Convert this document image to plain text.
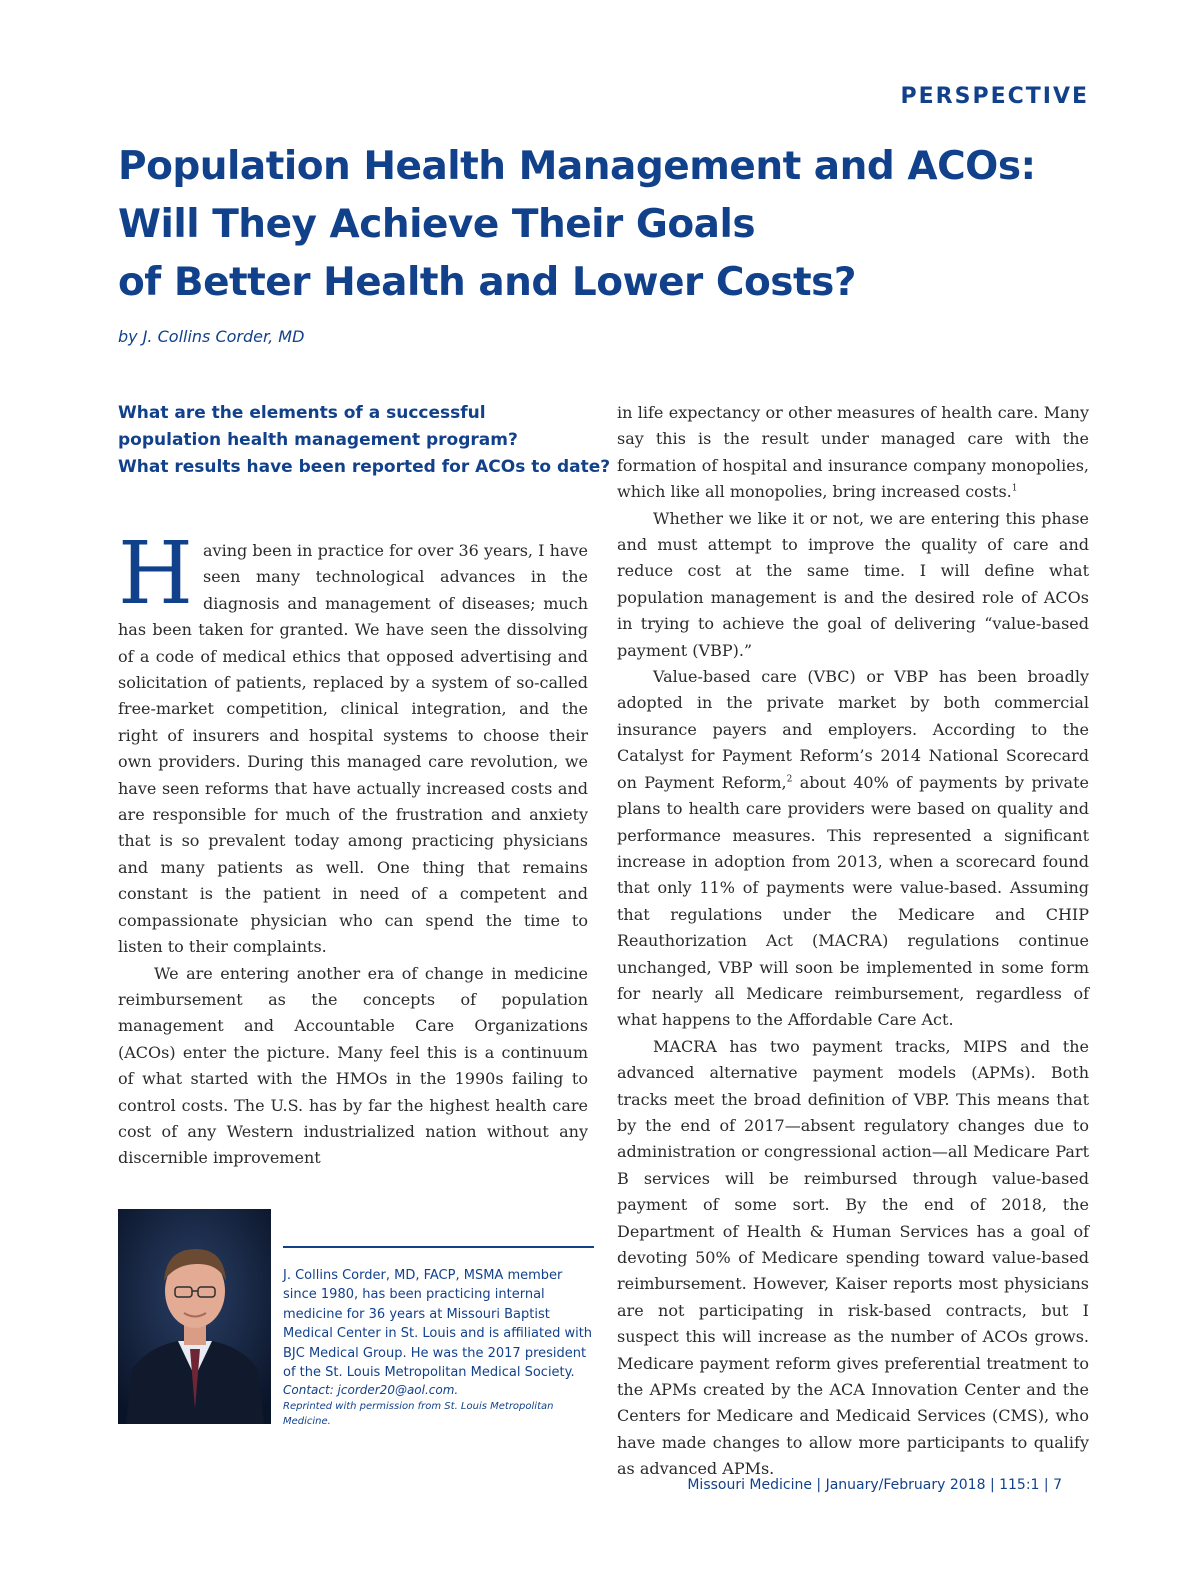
PERSPECTIVE
Population Health Management and ACOs:
Will They Achieve Their Goals
of Better Health and Lower Costs?
by J. Collins Corder, MD
What are the elements of a successful
population health management program?
What results have been reported for ACOs to date?

Having been in practice for over 36 years, I have seen many technological advances in the diagnosis and management of diseases; much has been taken for granted. We have seen the dissolving of a code of medical ethics that opposed advertising and solicitation of patients, replaced by a system of so-called free-market competition, clinical integration, and the right of insurers and hospital systems to choose their own providers. During this managed care revolution, we have seen reforms that have actually increased costs and are responsible for much of the frustration and anxiety that is so prevalent today among practicing physicians and many patients as well. One thing that remains constant is the patient in need of a competent and compassionate physician who can spend the time to listen to their complaints.

We are entering another era of change in medicine reimbursement as the concepts of population management and Accountable Care Organizations (ACOs) enter the picture. Many feel this is a continuum of what started with the HMOs in the 1990s failing to control costs. The U.S. has by far the highest health care cost of any Western industrialized nation without any discernible improvement

in life expectancy or other measures of health care. Many say this is the result under managed care with the formation of hospital and insurance company monopolies, which like all monopolies, bring increased costs.$^1$

Whether we like it or not, we are entering this phase and must attempt to improve the quality of care and reduce cost at the same time. I will define what population management is and the desired role of ACOs in trying to achieve the goal of delivering “value-based payment (VBP).”

Value-based care (VBC) or VBP has been broadly adopted in the private market by both commercial insurance payers and employers. According to the Catalyst for Payment Reform’s 2014 National Scorecard on Payment Reform,$^2$ about 40% of payments by private plans to health care providers were based on quality and performance measures. This represented a significant increase in adoption from 2013, when a scorecard found that only 11% of payments were value-based. Assuming that regulations under the Medicare and CHIP Reauthorization Act (MACRA) regulations continue unchanged, VBP will soon be implemented in some form for nearly all Medicare reimbursement, regardless of what happens to the Affordable Care Act.

MACRA has two payment tracks, MIPS and the advanced alternative payment models (APMs). Both tracks meet the broad definition of VBP. This means that by the end of 2017—absent regulatory changes due to administration or congressional action—all Medicare Part B services will be reimbursed through value-based payment of some sort. By the end of 2018, the Department of Health & Human Services has a goal of devoting 50% of Medicare spending toward value-based reimbursement. However, Kaiser reports most physicians are not participating in risk-based contracts, but I suspect this will increase as the number of ACOs grows. Medicare payment reform gives preferential treatment to the APMs created by the ACA Innovation Center and the Centers for Medicare and Medicaid Services (CMS), who have made changes to allow more participants to qualify as advanced APMs.

J. Collins Corder, MD, FACP, MSMA member
since 1980, has been practicing internal
medicine for 36 years at Missouri Baptist
Medical Center in St. Louis and is affiliated with
BJC Medical Group. He was the 2017 president
of the St. Louis Metropolitan Medical Society.
Contact: jcorder20@aol.com.
Reprinted with permission from St. Louis Metropolitan Medicine.
Missouri Medicine | January/February 2018 | 115:1 | 7
